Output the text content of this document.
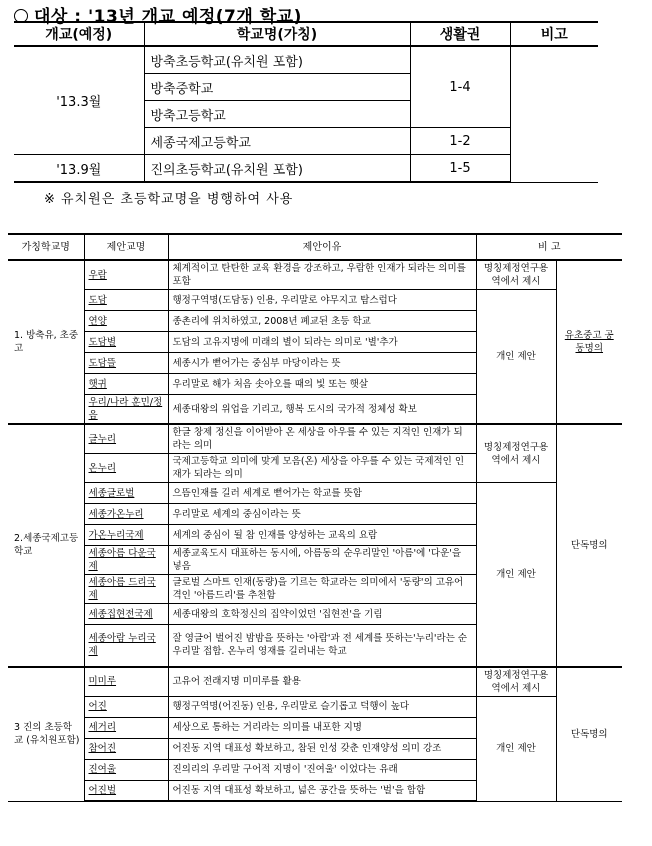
대상 : '13년 개교 예정(7개 학교)
개교(예정)	학교명(가칭)	생활권	비고
'13.3월	방축초등학교(유치원 포함)	1-4	
	방축중학교		
	방축고등학교		
	세종국제고등학교	1-2	
'13.9월	진의초등학교(유치원 포함)	1-5	
※ 유치원은 초등학교명을 병행하여 사용
가칭학교명	제안교명	제안이유	비 고	
1. 방축유, 초중고	우람	체계적이고 탄탄한 교육 환경을 강조하고, 우람한 인재가 되라는 의미를 포함	명칭제정연구용역에서 제시	유초중고 공동명의
	도담	행정구역명(도담동) 인용, 우리말로 야무지고 탐스럽다	개인 제안	
	연양	종촌리에 위치하였고, 2008년 폐교된 초등 학교		
	도담별	도담의 고유지명에 미래의 별이 되라는 의미로 '별'추가		
	도담뜰	세종시가 뻗어가는 중심부 마당이라는 뜻		
	햇귀	우리말로 해가 처음 솟아오를 때의 빛 또는 햇살		
	우리/나라 훈민/정음	세종대왕의 위업을 기리고, 행복 도시의 국가적 정체성 확보		
2.세종국제고등학교	글누리	한글 창제 정신을 이어받아 온 세상을 아우를 수 있는 지적인 인재가 되라는 의미	명칭제정연구용역에서 제시	단독명의
	온누리	국제고등학교 의미에 맞게 모음(온) 세상을 아우를 수 있는 국제적인 인재가 되라는 의미		
	세종글로벌	으뜸인재를 길러 세계로 뻗어가는 학교를 뜻함	개인 제안	
	세종가온누리	우리말로 세계의 중심이라는 뜻		
	가온누리국제	세계의 중심이 될 참 인재를 양성하는 교육의 요람		
	세종아름 다운국제	세종교육도시 대표하는 동시에, 아름동의 순우리말인 '아름'에 '다운'을 넣음		
	세종아름 드리국제	글로벌 스마트 인재(동량)을 기르는 학교라는 의미에서 '동량'의 고유어격인 '아름드리'를 추천함		
	세종집현전국제	세종대왕의 호학정신의 집약이었던 '집현전'을 기림		
	세종아람 누리국제	잘 영글어 벌어진 밤밤을 뜻하는 '아람'과 전 세계를 뜻하는'누리'라는 순우리말 접합. 온누리 영재를 길러내는 학교		
3 진의 초등학교 (유치원포함)	미미루	고유어 전래지명 미미루를 활용	명칭제정연구용역에서 제시	단독명의
	어진	행정구역명(어진동) 인용, 우리말로 슬기롭고 덕행이 높다	개인 제안	
	세거리	세상으로 통하는 거리라는 의미를 내포한 지명		
	참어진	어진동 지역 대표성 확보하고, 참된 인성 갖춘 인재양성 의미 강조		
	진여울	진의리의 우리말 구어적 지명이 '진여울' 이었다는 유래		
	어진벌	어진동 지역 대표성 확보하고, 넓은 공간을 뜻하는 '벌'을 합함		
